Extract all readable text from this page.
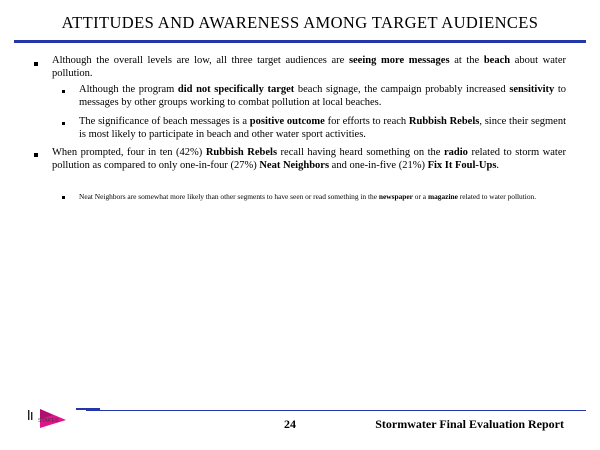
ATTITUDES AND AWARENESS AMONG TARGET AUDIENCES
Although the overall levels are low, all three target audiences are seeing more messages at the beach about water pollution.
Although the program did not specifically target beach signage, the campaign probably increased sensitivity to messages by other groups working to combat pollution at local beaches.
The significance of beach messages is a positive outcome for efforts to reach Rubbish Rebels, since their segment is most likely to participate in beach and other water sport activities.
When prompted, four in ten (42%) Rubbish Rebels recall having heard something on the radio related to storm water pollution as compared to only one-in-four (27%) Neat Neighbors and one-in-five (21%) Fix It Foul-Ups.
Neat Neighbors are somewhat more likely than other segments to have seen or read something in the newspaper or a magazine related to water pollution.
STAKES	24	Stormwater Final Evaluation Report
